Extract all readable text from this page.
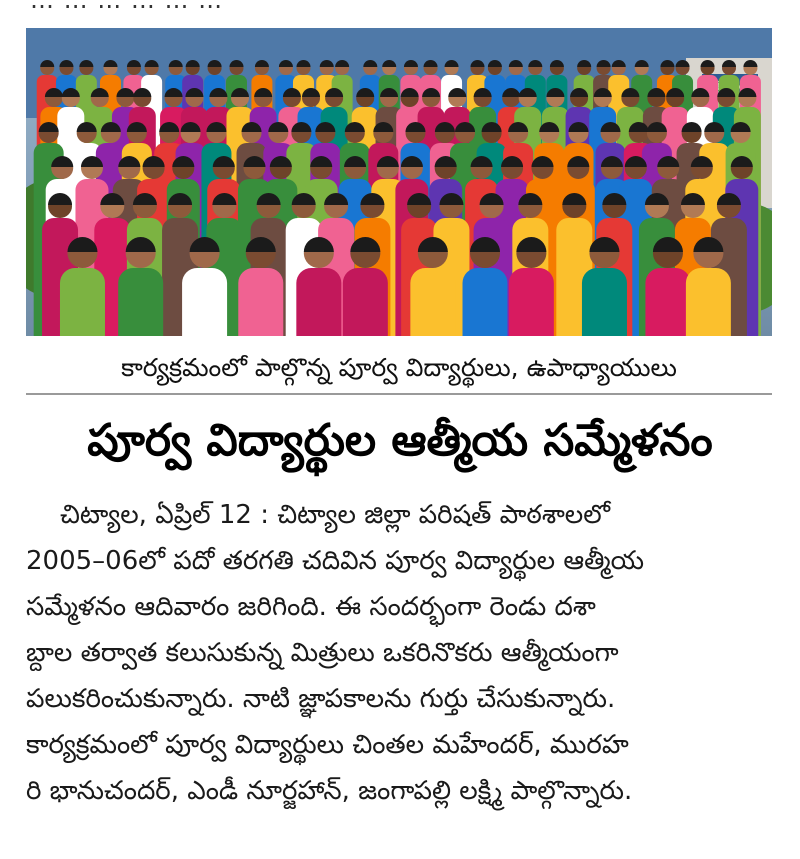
… … … … … …
కార్యక్రమంలో పాల్గొన్న పూర్వ విద్యార్థులు, ఉపాధ్యాయులు
పూర్వ విద్యార్థుల ఆత్మీయ సమ్మేళనం
చిట్యాల, ఏప్రిల్ 12 : చిట్యాల జిల్లా పరిషత్ పాఠశాలలో
2005–06లో పదో తరగతి చదివిన పూర్వ విద్యార్థుల ఆత్మీయ
సమ్మేళనం ఆదివారం జరిగింది. ఈ సందర్భంగా రెండు దశా
బ్దాల తర్వాత కలుసుకున్న మిత్రులు ఒకరినొకరు ఆత్మీయంగా
పలుకరించుకున్నారు. నాటి జ్ఞాపకాలను గుర్తు చేసుకున్నారు.
కార్యక్రమంలో పూర్వ విద్యార్థులు చింతల మహేందర్, మురహ
రి భానుచందర్, ఎండీ నూర్జహాన్, జంగాపల్లి లక్ష్మి పాల్గొన్నారు.
